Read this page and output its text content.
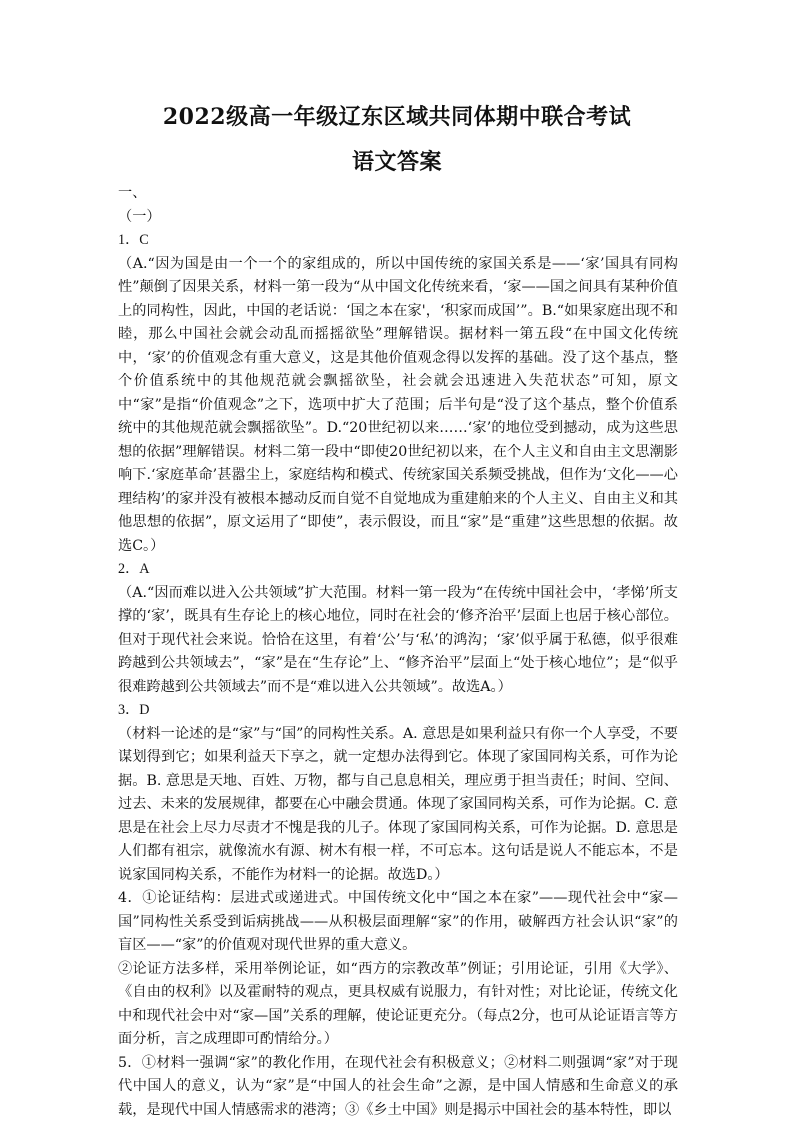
2022级高一年级辽东区域共同体期中联合考试
语文答案

一、

（一）

1．C

（A.“因为国是由一个一个的家组成的，所以中国传统的家国关系是——‘家’国具有同构性”颠倒了因果关系，材料一第一段为“从中国文化传统来看，‘家——国之间具有某种价值上的同构性，因此，中国的老话说：‘国之本在家'，‘积家而成国’”。B.“如果家庭出现不和睦，那么中国社会就会动乱而摇摇欲坠”理解错误。据材料一第五段“在中国文化传统中，‘家’的价值观念有重大意义，这是其他价值观念得以发挥的基础。没了这个基点，整个价值系统中的其他规范就会飘摇欲坠，社会就会迅速进入失范状态”可知，原文中“家”是指“价值观念”之下，选项中扩大了范围；后半句是“没了这个基点，整个价值系统中的其他规范就会飘摇欲坠”。D.“20世纪初以来……‘家’的地位受到撼动，成为这些思想的依据”理解错误。材料二第一段中“即使20世纪初以来，在个人主义和自由主文思潮影响下.‘家庭革命’甚嚣尘上，家庭结构和模式、传统家国关系频受挑战，但作为‘文化——心理结构’的家并没有被根本撼动反而自觉不自觉地成为重建舶来的个人主义、自由主义和其他思想的依据”，原文运用了“即使”，表示假设，而且“家”是“重建”这些思想的依据。故选C。）

2．A

（A.“因而难以进入公共领域”扩大范围。材料一第一段为“在传统中国社会中，‘孝悌’所支撑的‘家’，既具有生存论上的核心地位，同时在社会的‘修齐治平’层面上也居于核心部位。但对于现代社会来说。恰恰在这里，有着‘公’与‘私’的鸿沟；‘家’似乎属于私德，似乎很难跨越到公共领域去”，“家”是在“生存论”上、“修齐治平”层面上“处于核心地位”；是“似乎很难跨越到公共领域去”而不是“难以进入公共领域”。故选A。）

3．D

（材料一论述的是“家”与“国”的同构性关系。A. 意思是如果利益只有你一个人享受，不要谋划得到它；如果利益天下享之，就一定想办法得到它。体现了家国同构关系，可作为论据。B. 意思是天地、百姓、万物，都与自己息息相关，理应勇于担当责任；时间、空间、过去、未来的发展规律，都要在心中融会贯通。体现了家国同构关系，可作为论据。C. 意思是在社会上尽力尽责才不愧是我的儿子。体现了家国同构关系，可作为论据。D. 意思是人们都有祖宗，就像流水有源、树木有根一样，不可忘本。这句话是说人不能忘本，不是说家国同构关系，不能作为材料一的论据。故选D。）

4．①论证结构：层进式或递进式。中国传统文化中“国之本在家”——现代社会中“家—国”同构性关系受到诟病挑战——从积极层面理解“家”的作用，破解西方社会认识“家”的盲区——“家”的价值观对现代世界的重大意义。

②论证方法多样，采用举例论证，如“西方的宗教改革”例证；引用论证，引用《大学》、《自由的权利》以及霍耐特的观点，更具权威有说服力，有针对性；对比论证，传统文化中和现代社会中对“家—国”关系的理解，使论证更充分。（每点2分，也可从论证语言等方面分析，言之成理即可酌情给分。）

5．①材料一强调“家”的教化作用，在现代社会有积极意义；②材料二则强调“家”对于现代中国人的意义，认为“家”是“中国人的社会生命”之源，是中国人情感和生命意义的承载，是现代中国人情感需求的港湾；③《乡土中国》则是揭示中国社会的基本特性，即以
